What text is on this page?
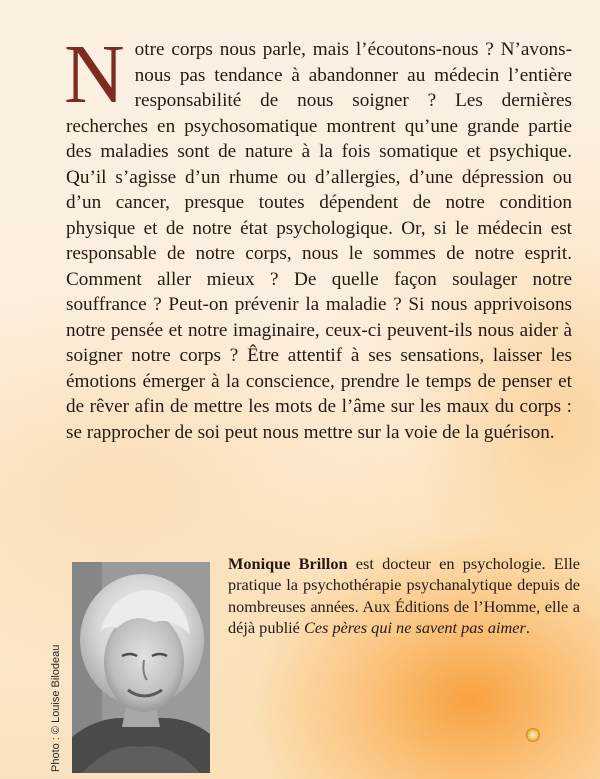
Notre corps nous parle, mais l’écoutons-nous ? N’avons-nous pas tendance à abandonner au médecin l’entière responsabilité de nous soigner ? Les dernières recherches en psychosomatique montrent qu’une grande partie des maladies sont de nature à la fois somatique et psychique. Qu’il s’agisse d’un rhume ou d’allergies, d’une dépression ou d’un cancer, presque toutes dépendent de notre condition physique et de notre état psychologique. Or, si le médecin est responsable de notre corps, nous le sommes de notre esprit. Comment aller mieux ? De quelle façon soulager notre souffrance ? Peut-on prévenir la maladie ? Si nous apprivoisons notre pensée et notre imaginaire, ceux-ci peuvent-ils nous aider à soigner notre corps ? Être attentif à ses sensations, laisser les émotions émerger à la conscience, prendre le temps de penser et de rêver afin de mettre les mots de l’âme sur les maux du corps : se rapprocher de soi peut nous mettre sur la voie de la guérison.

Photo : © Louise Bilodeau

Monique Brillon est docteur en psychologie. Elle pratique la psychothérapie psychanalytique depuis de nombreuses années. Aux Éditions de l’Homme, elle a déjà publié Ces pères qui ne savent pas aimer.
